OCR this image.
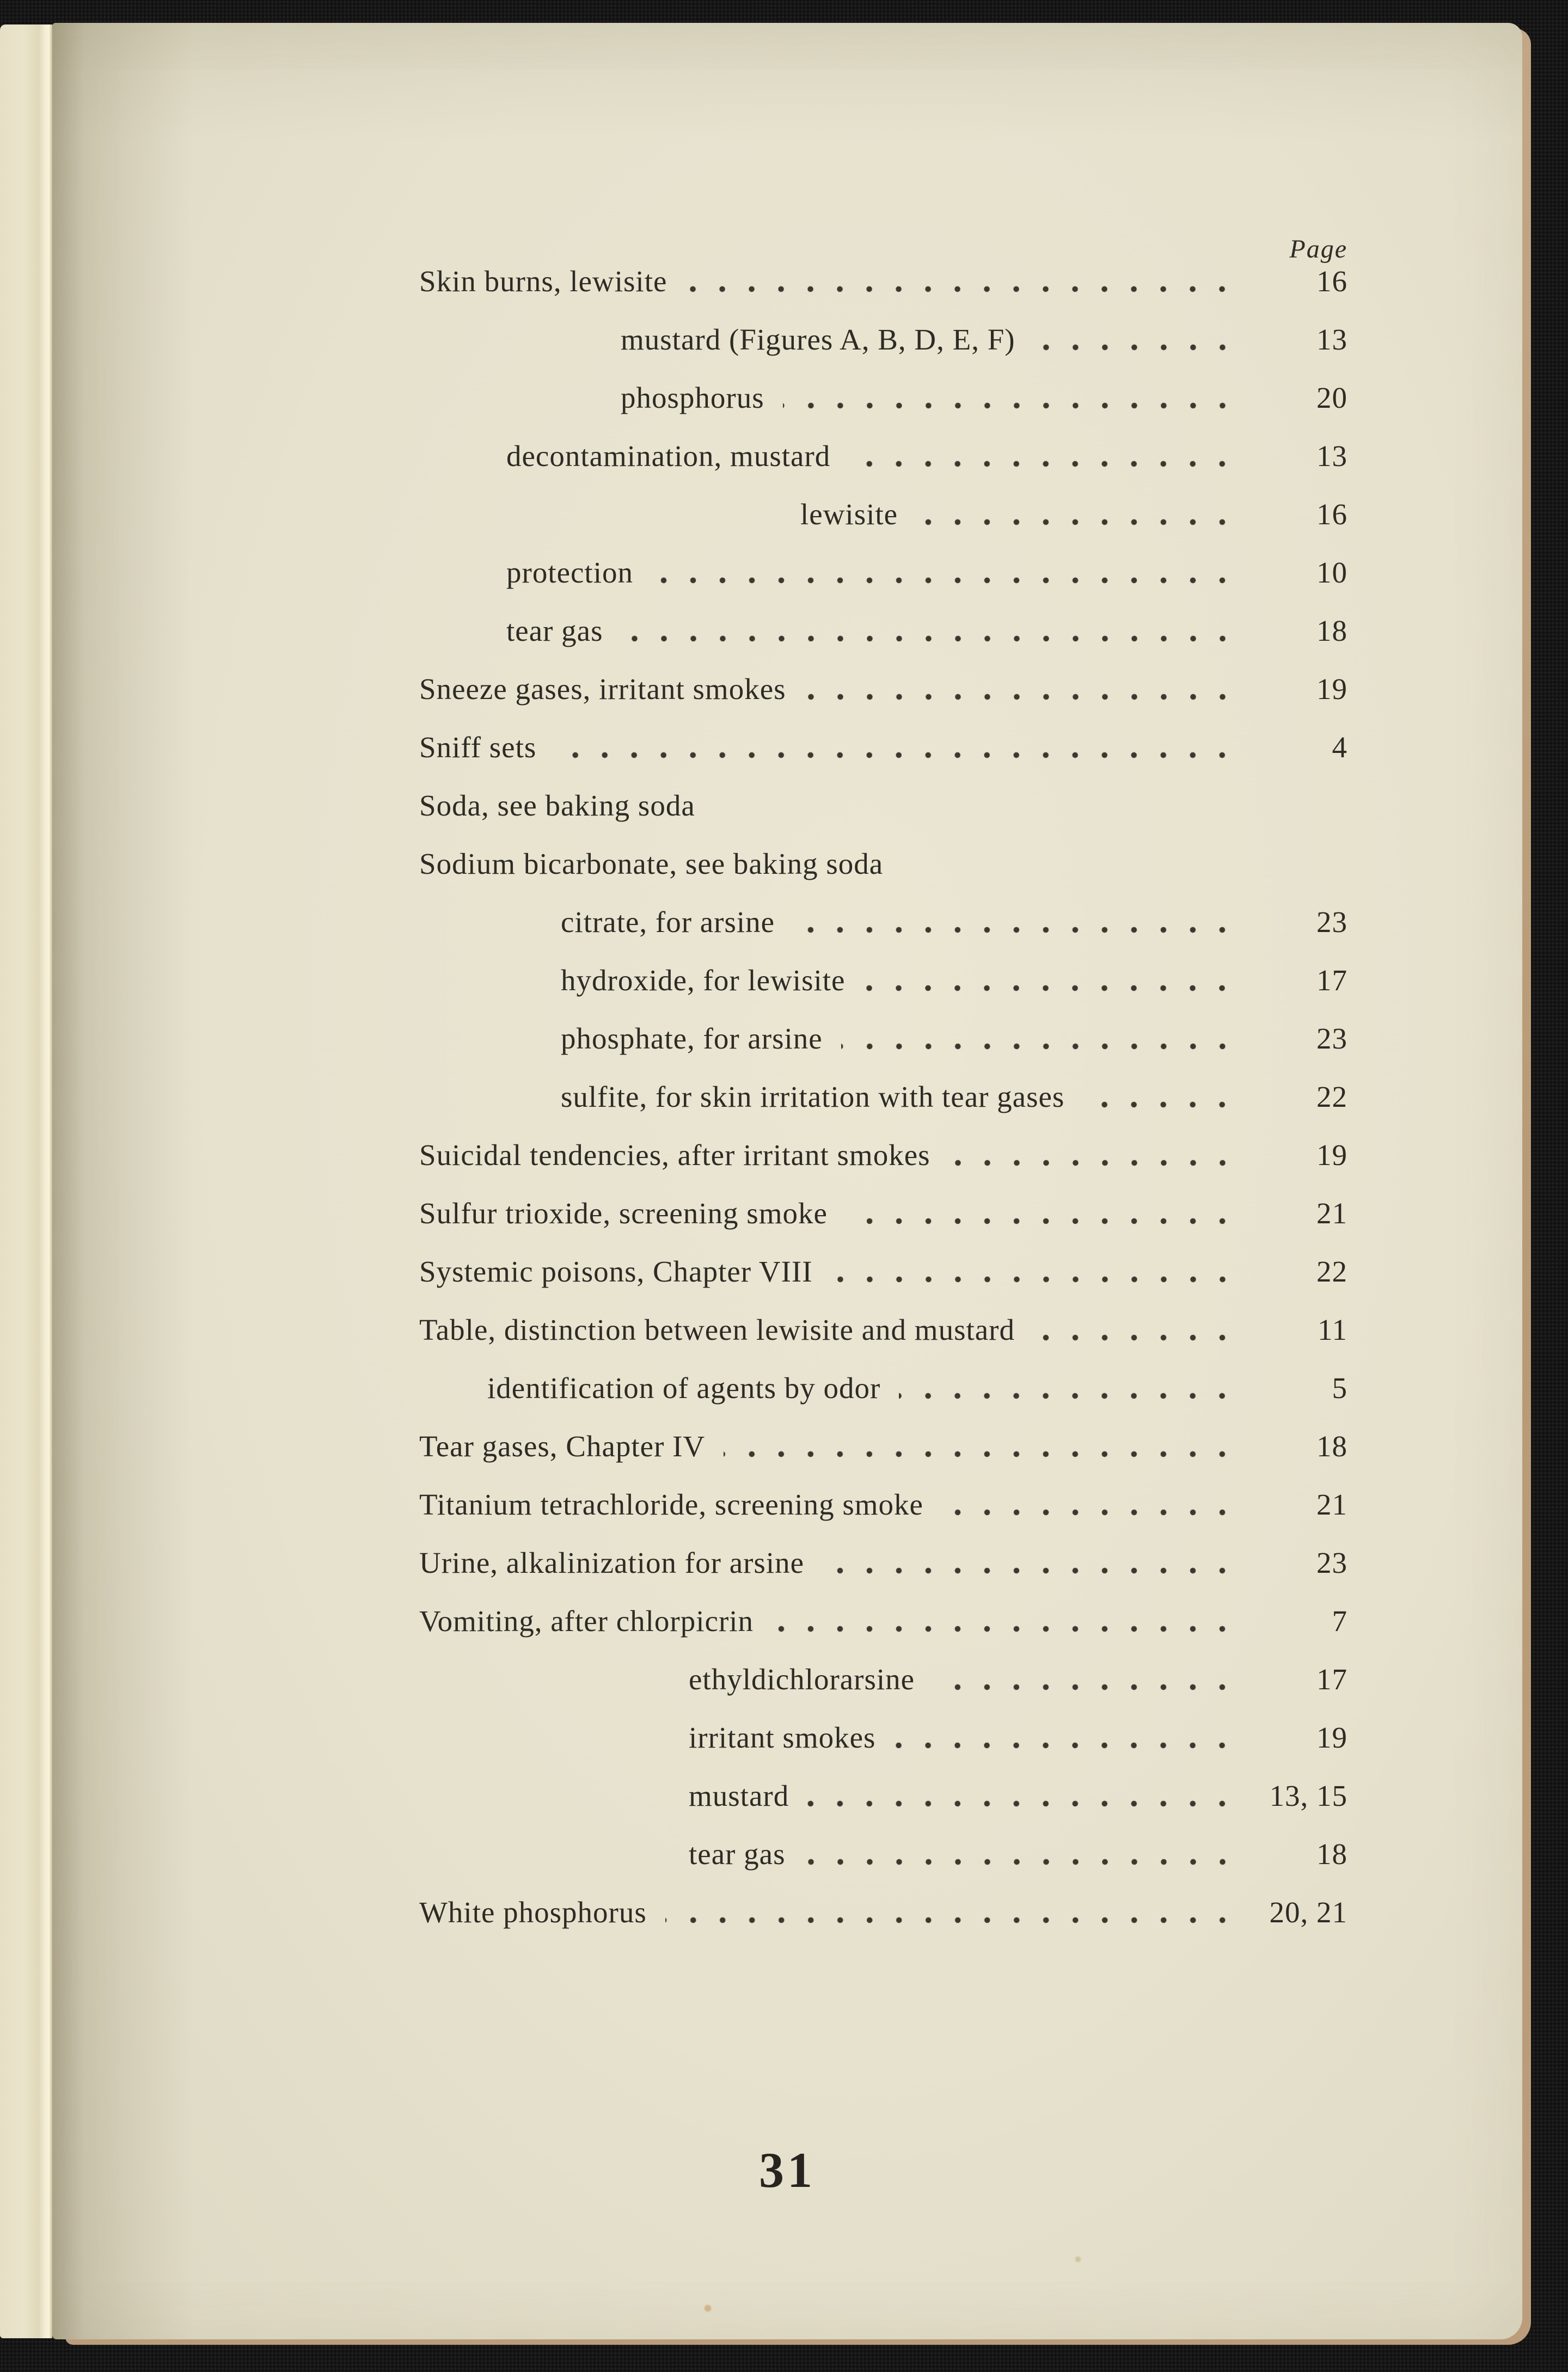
Page
Skin burns, lewisite	16
mustard (Figures A, B, D, E, F)	13
phosphorus	20
decontamination, mustard	13
lewisite	16
protection	10
tear gas	18
Sneeze gases, irritant smokes	19
Sniff sets	4
Soda, see baking soda
Sodium bicarbonate, see baking soda
citrate, for arsine	23
hydroxide, for lewisite	17
phosphate, for arsine	23
sulfite, for skin irritation with tear gases	22
Suicidal tendencies, after irritant smokes	19
Sulfur trioxide, screening smoke	21
Systemic poisons, Chapter VIII	22
Table, distinction between lewisite and mustard	11
identification of agents by odor	5
Tear gases, Chapter IV	18
Titanium tetrachloride, screening smoke	21
Urine, alkalinization for arsine	23
Vomiting, after chlorpicrin	7
ethyldichlorarsine	17
irritant smokes	19
mustard	13, 15
tear gas	18
White phosphorus	20, 21
31
